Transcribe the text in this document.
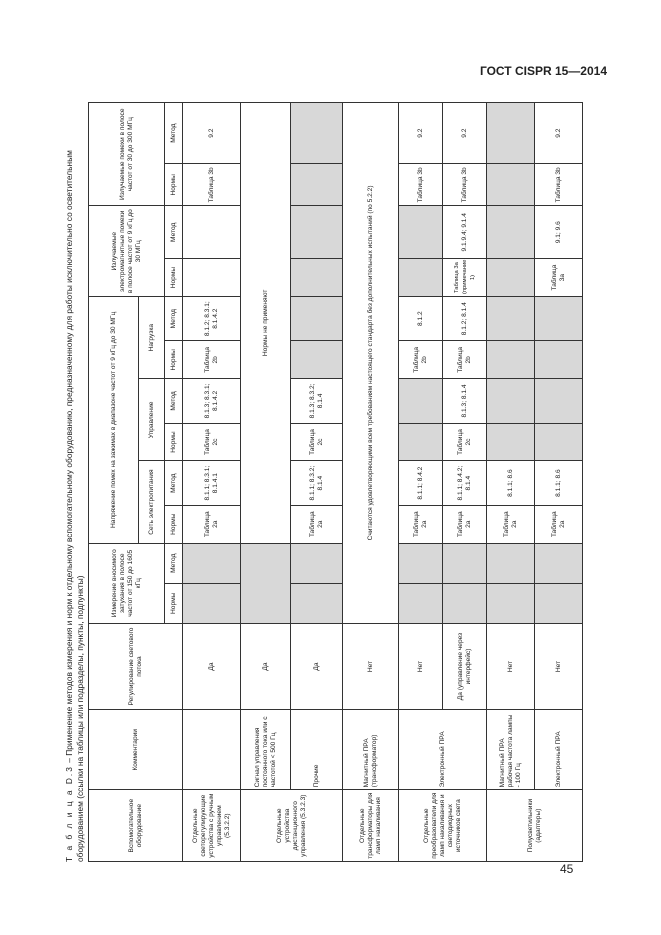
ГОСТ CISPR 15—2014
Т а б л и ц а D.3 – Применение методов измерения и норм к отдельному вспомогательному оборудованию, предназначенному для работы исключительно со осветительным оборудованием (ссылки на таблицы или подразделы, пункты, подпункты)	Вспомогательное оборудование	Комментарии	Регулирование светового потока	Измерение вносимого затухания в полосе частот от 150 до 1605 кГц		Напряжение помех на зажимах в диапазоне частот от 9 кГц до 30 МГц						Излучаемые электромагнитные помехи в полосе частот от 9 кГц до 30 МГц		Излучаемые помехи в полосе частот от 30 до 300 МГц	
					Сеть электропитания		Управление		Нагрузка					
			Нормы	Метод	Нормы	Метод	Нормы	Метод	Нормы	Метод	Нормы	Метод	Нормы	Метод
Отдельные светорегулирующие устройства с ручным управлением (5.3.2.2)		Да			Таблица 2а	8.1.1; 8.3.1; 8.1.4.1	Таблица 2с	8.1.3; 8.3.1; 8.1.4.2	Таблица 2b	8.1.2; 8.3.1; 8.1.4.2			Таблица 3b	9.2
Отдельные устройства дистанционного управления (5.3.2.3)	Сигнал управления постоянного тока или с частотой < 500 Гц	Да			Нормы не применяют									
	Прочие	Да			Таблица 2а	8.1.1; 8.3.2; 8.1.4	Таблица 2с	8.1.3; 8.3.2; 8.1.4						
Отдельные трансформаторы для ламп накаливания	Магнитный ПРА (трансформатор)	Нет	Считаются удовлетворяющими всем требованиям настоящего стандарта без дополнительных испытаний (по 5.2.2)											
Отдельные преобразователи для ламп накаливания и светодиодных источников света	Электронный ПРА	Нет			Таблица 2а	8.1.1; 8.4.2			Таблица 2b	8.1.2			Таблица 3b	9.2
		Да (управление через интерфейс)			Таблица 2а	8.1.1; 8.4.2; 8.1.4	Таблица 2с	8.1.3; 8.1.4	Таблица 2b	8.1.2; 8.1.4	Таблица 3а (примечание 1)	9.1.9.4; 9.1.4	Таблица 3b	9.2
Полусветильники (адаптеры)	Магнитный ПРА рабочая частота лампы - 100 Гц	Нет			Таблица 2а	8.1.1; 8.6								
	Электронный ПРА	Нет			Таблица 2а	8.1.1; 8.6					Таблица 3а	9.1; 9.6	Таблица 3b	9.2
45
